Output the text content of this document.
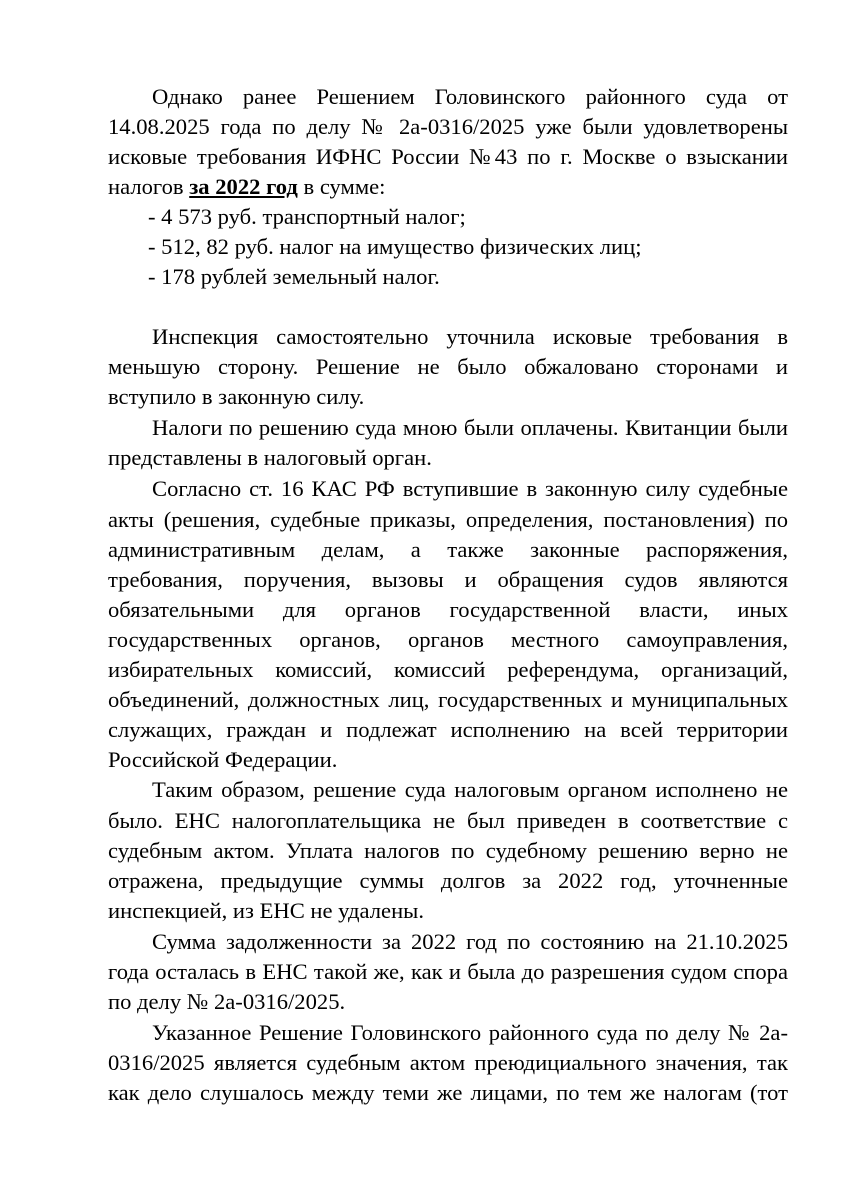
Однако ранее Решением Головинского районного суда от
14.08.2025 года по делу № 2а-0316/2025 уже были удовлетворены
исковые требования ИФНС России №43 по г. Москве о взыскании
налогов за 2022 год в сумме:
- 4 573 руб. транспортный налог;
- 512, 82 руб. налог на имущество физических лиц;
- 178 рублей земельный налог.
Инспекция самостоятельно уточнила исковые требования в
меньшую сторону. Решение не было обжаловано сторонами и
вступило в законную силу.
Налоги по решению суда мною были оплачены. Квитанции были
представлены в налоговый орган.
Согласно ст. 16 КАС РФ вступившие в законную силу судебные
акты (решения, судебные приказы, определения, постановления) по
административным делам, а также законные распоряжения,
требования, поручения, вызовы и обращения судов являются
обязательными для органов государственной власти, иных
государственных органов, органов местного самоуправления,
избирательных комиссий, комиссий референдума, организаций,
объединений, должностных лиц, государственных и муниципальных
служащих, граждан и подлежат исполнению на всей территории
Российской Федерации.
Таким образом, решение суда налоговым органом исполнено не
было. ЕНС налогоплательщика не был приведен в соответствие с
судебным актом. Уплата налогов по судебному решению верно не
отражена, предыдущие суммы долгов за 2022 год, уточненные
инспекцией, из ЕНС не удалены.
Сумма задолженности за 2022 год по состоянию на 21.10.2025
года осталась в ЕНС такой же, как и была до разрешения судом спора
по делу № 2а-0316/2025.
Указанное Решение Головинского районного суда по делу № 2а-
0316/2025 является судебным актом преюдициального значения, так
как дело слушалось между теми же лицами, по тем же налогам (тот
